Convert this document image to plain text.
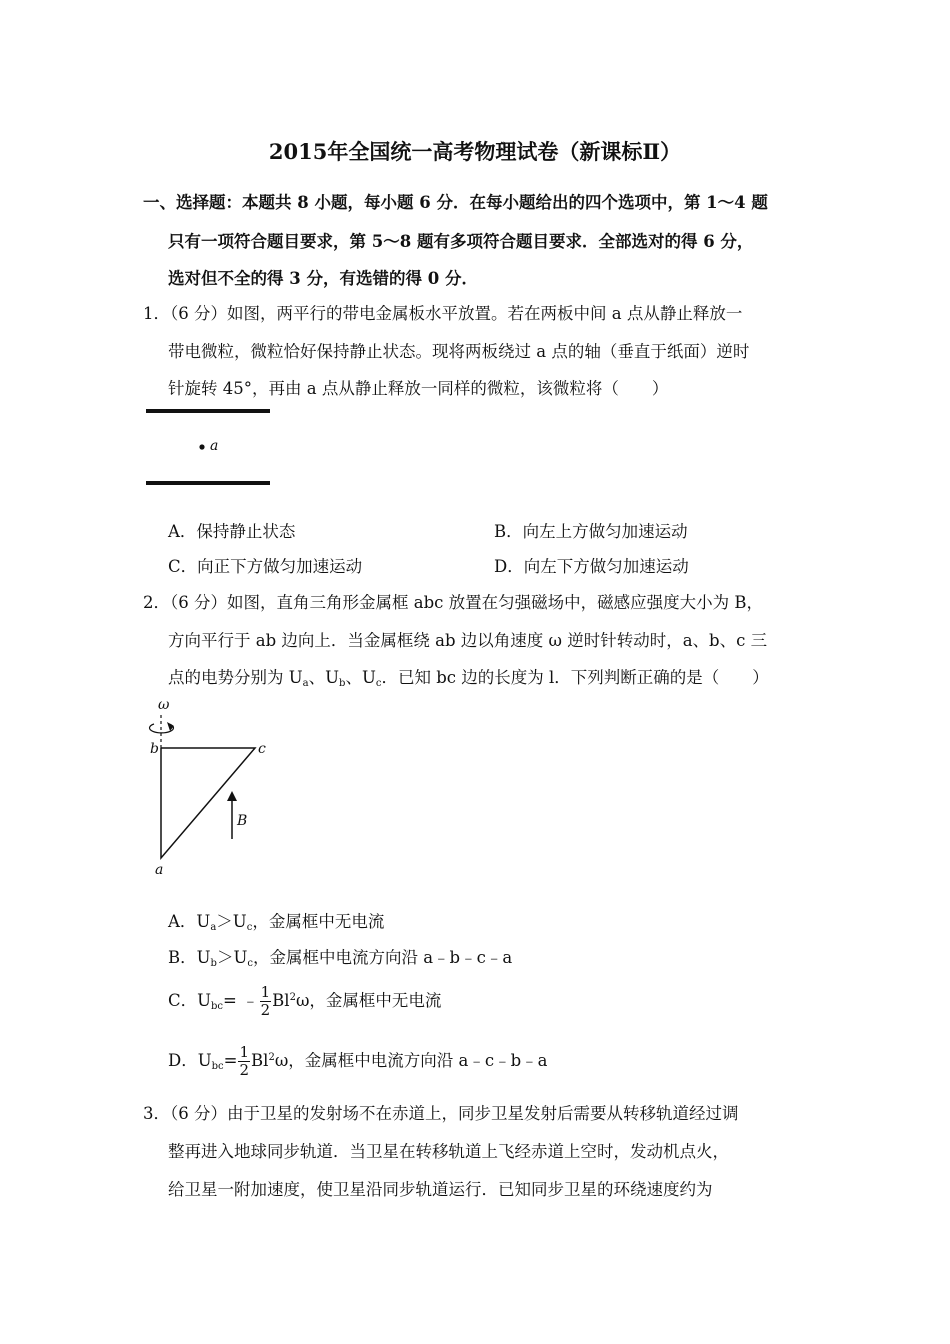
2015年全国统一高考物理试卷（新课标Ⅱ）
一、选择题：本题共 8 小题，每小题 6 分．在每小题给出的四个选项中，第 1～4 题
只有一项符合题目要求，第 5～8 题有多项符合题目要求．全部选对的得 6 分，
选对但不全的得 3 分，有选错的得 0 分．
1．（6 分）如图，两平行的带电金属板水平放置。若在两板中间 a 点从静止释放一
带电微粒，微粒恰好保持静止状态。现将两板绕过 a 点的轴（垂直于纸面）逆时
针旋转 45°，再由 a 点从静止释放一同样的微粒，该微粒将（　　）
a
A．保持静止状态	B．向左上方做匀加速运动
C．向正下方做匀加速运动	D．向左下方做匀加速运动
2．（6 分）如图，直角三角形金属框 abc 放置在匀强磁场中，磁感应强度大小为 B，
方向平行于 ab 边向上．当金属框绕 ab 边以角速度 ω 逆时针转动时，a、b、c 三
点的电势分别为 $U_a$、$U_b$、$U_c$．已知 bc 边的长度为 l．下列判断正确的是（　　）
ω
b	c
B
a
A．$U_a>U_c$，金属框中无电流
B．$U_b>U_c$，金属框中电流方向沿 a﹣b﹣c﹣a
C．$U_{bc}=$ ﹣ $\frac{1}{2} Bl^2\omega$，金属框中无电流
D．$U_{bc}= \frac{1}{2} Bl^2\omega$，金属框中电流方向沿 a﹣c﹣b﹣a
3．（6 分）由于卫星的发射场不在赤道上，同步卫星发射后需要从转移轨道经过调
整再进入地球同步轨道．当卫星在转移轨道上飞经赤道上空时，发动机点火，
给卫星一附加速度，使卫星沿同步轨道运行．已知同步卫星的环绕速度约为
